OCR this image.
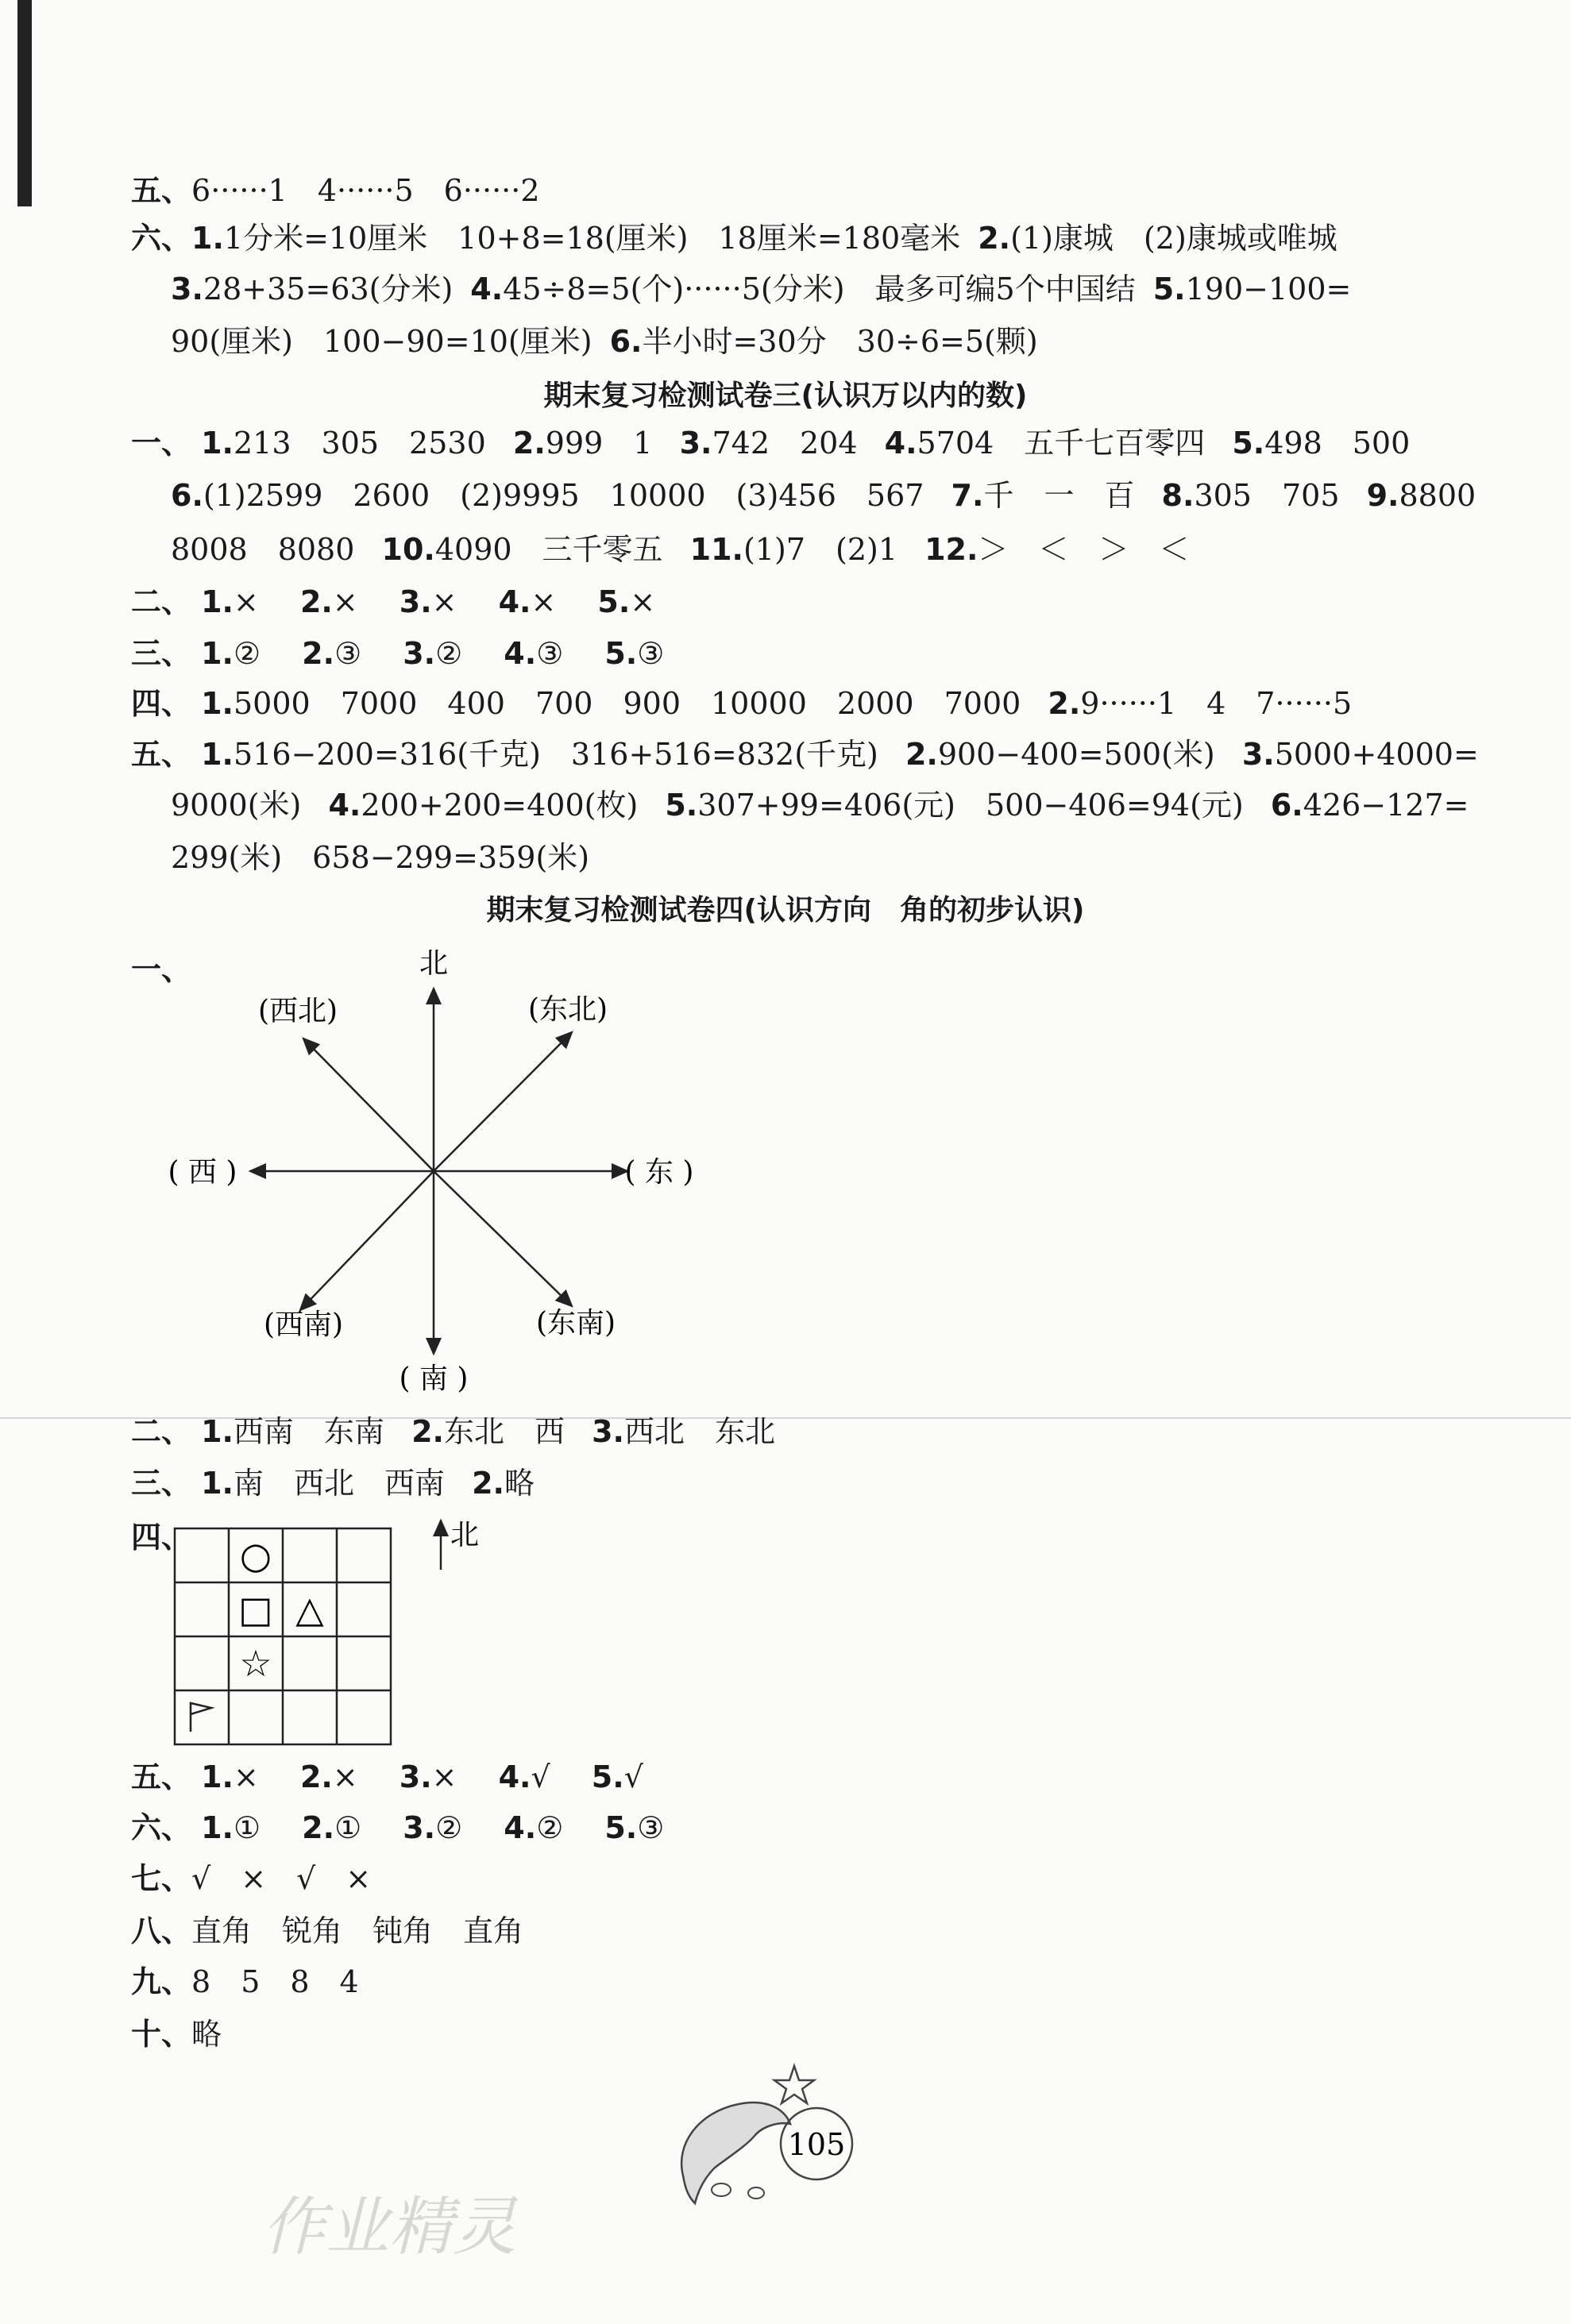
五、6······1　4······5　6······2
六、1.1分米=10厘米　10+8=18(厘米)　18厘米=180毫米 2.(1)康城　(2)康城或唯城
3.28+35=63(分米) 4.45÷8=5(个)······5(分米)　最多可编5个中国结 5.190−100=
90(厘米)　100−90=10(厘米) 6.半小时=30分　30÷6=5(颗)
期末复习检测试卷三(认识万以内的数)
一、 1.213　305　2530 2.999　1 3.742　204 4.5704　五千七百零四 5.498　500
6.(1)2599　2600　(2)9995　10000　(3)456　567 7.千　一　百 8.305　705 9.8800
8008　8080 10.4090　三千零五 11.(1)7　(2)1 12.＞　＜　＞　＜
二、 1.× 2.× 3.× 4.× 5.×
三、 1.② 2.③ 3.② 4.③ 5.③
四、 1.5000　7000　400　700　900　10000　2000　7000 2.9······1　4　7······5
五、 1.516−200=316(千克)　316+516=832(千克) 2.900−400=500(米) 3.5000+4000=
9000(米) 4.200+200=400(枚) 5.307+99=406(元)　500−406=94(元) 6.426−127=
299(米)　658−299=359(米)
期末复习检测试卷四(认识方向　角的初步认识)
一、	北
(东北)
(西北)
( 东 )
( 西 )
(东南)
(西南)
( 南 )
二、 1.西南　东南 2.东北　西 3.西北　东北
三、 1.南　西北　西南 2.略
四、 ○
□ △
☆
北
五、 1.× 2.× 3.× 4.√ 5.√
六、 1.① 2.① 3.② 4.② 5.③
七、√　×　√　×
八、直角　锐角　钝角　直角
九、8　5　8　4
十、略
105
作业精灵
